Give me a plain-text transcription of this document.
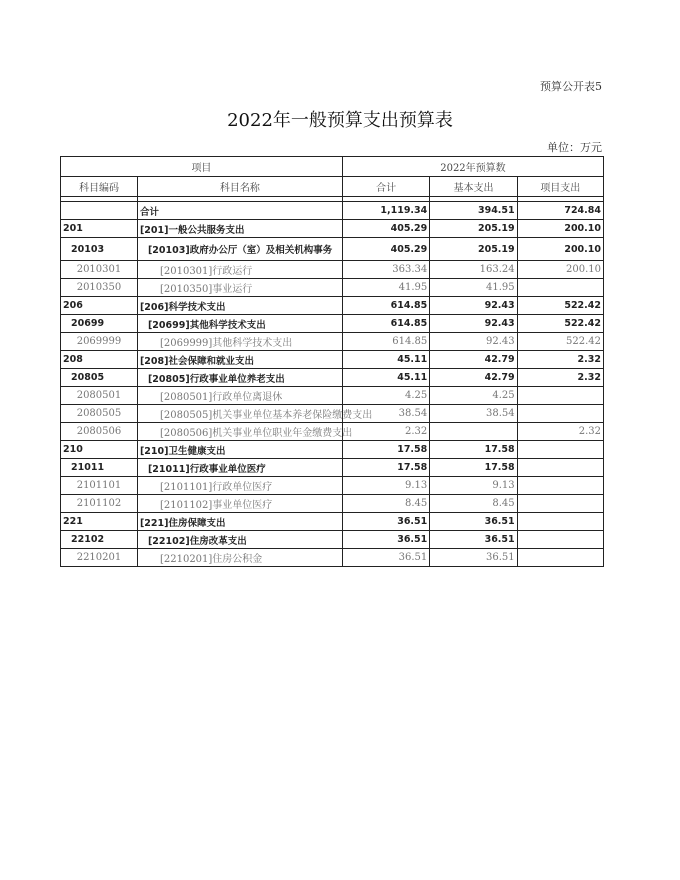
预算公开表5
2022年一般预算支出预算表
单位：万元
项目		2022年预算数		
科目编码	科目名称	合计	基本支出	项目支出

	合计	1,119.34	394.51	724.84
201	[201]一般公共服务支出	405.29	205.19	200.10
20103	[20103]政府办公厅（室）及相关机构事务	405.29	205.19	200.10
2010301	[2010301]行政运行	363.34	163.24	200.10
2010350	[2010350]事业运行	41.95	41.95	
206	[206]科学技术支出	614.85	92.43	522.42
20699	[20699]其他科学技术支出	614.85	92.43	522.42
2069999	[2069999]其他科学技术支出	614.85	92.43	522.42
208	[208]社会保障和就业支出	45.11	42.79	2.32
20805	[20805]行政事业单位养老支出	45.11	42.79	2.32
2080501	[2080501]行政单位离退休	4.25	4.25	
2080505	[2080505]机关事业单位基本养老保险缴费支出	38.54	38.54	
2080506	[2080506]机关事业单位职业年金缴费支出	2.32		2.32
210	[210]卫生健康支出	17.58	17.58	
21011	[21011]行政事业单位医疗	17.58	17.58	
2101101	[2101101]行政单位医疗	9.13	9.13	
2101102	[2101102]事业单位医疗	8.45	8.45	
221	[221]住房保障支出	36.51	36.51	
22102	[22102]住房改革支出	36.51	36.51	
2210201	[2210201]住房公积金	36.51	36.51	
